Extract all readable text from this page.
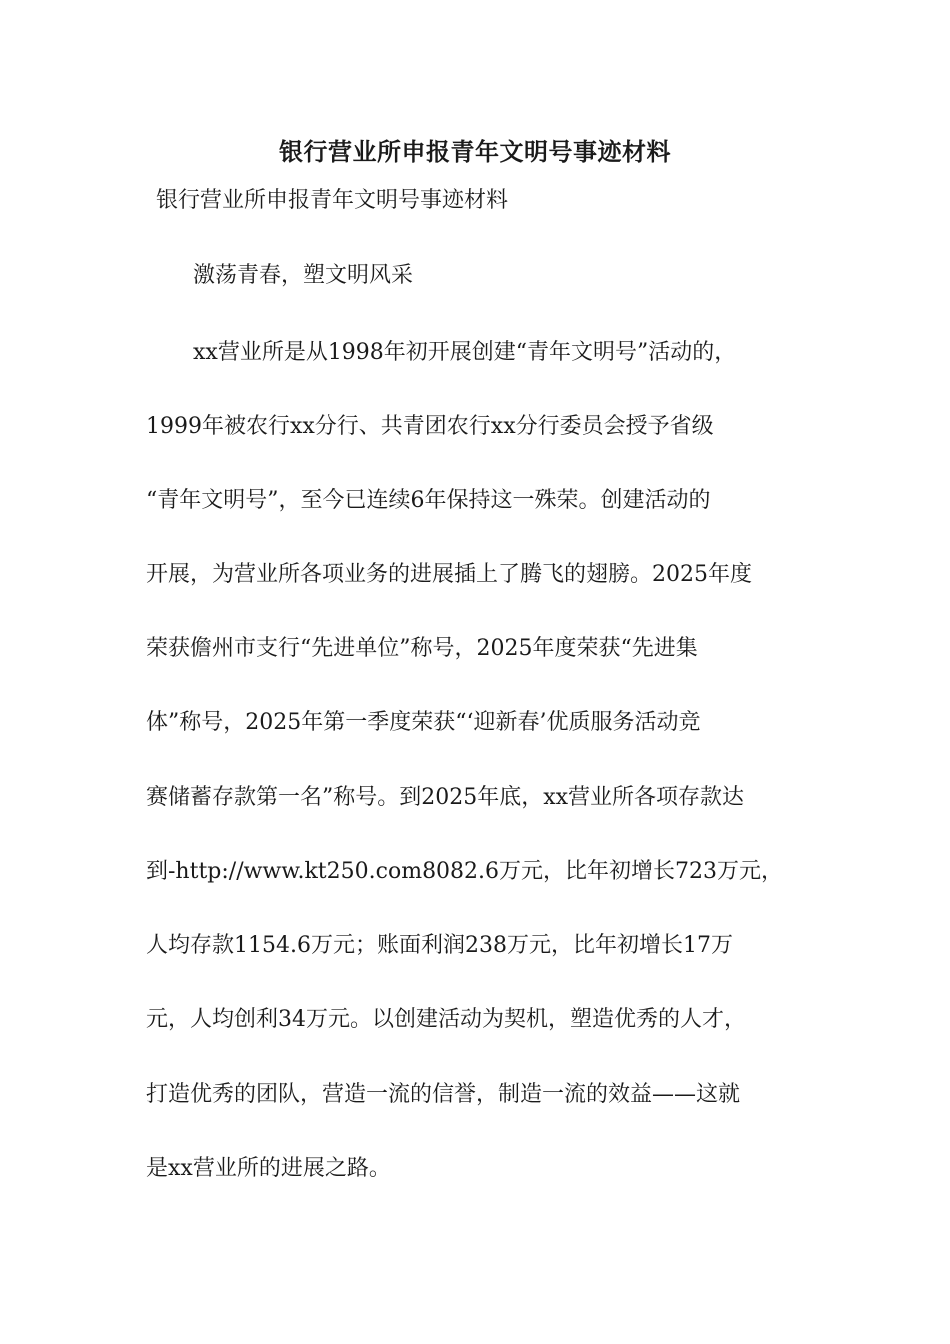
银行营业所申报青年文明号事迹材料
银行营业所申报青年文明号事迹材料
激荡青春，塑文明风采
xx营业所是从1998年初开展创建“青年文明号”活动的，
1999年被农行xx分行、共青团农行xx分行委员会授予省级
“青年文明号”，至今已连续6年保持这一殊荣。创建活动的
开展，为营业所各项业务的进展插上了腾飞的翅膀。2025年度
荣获儋州市支行“先进单位”称号，2025年度荣获“先进集
体”称号，2025年第一季度荣获“‘迎新春’优质服务活动竞
赛储蓄存款第一名”称号。到2025年底，xx营业所各项存款达
到-http://www.kt250.com8082.6万元，比年初增长723万元，
人均存款1154.6万元；账面利润238万元，比年初增长17万
元，人均创利34万元。以创建活动为契机，塑造优秀的人才，
打造优秀的团队，营造一流的信誉，制造一流的效益——这就
是xx营业所的进展之路。
